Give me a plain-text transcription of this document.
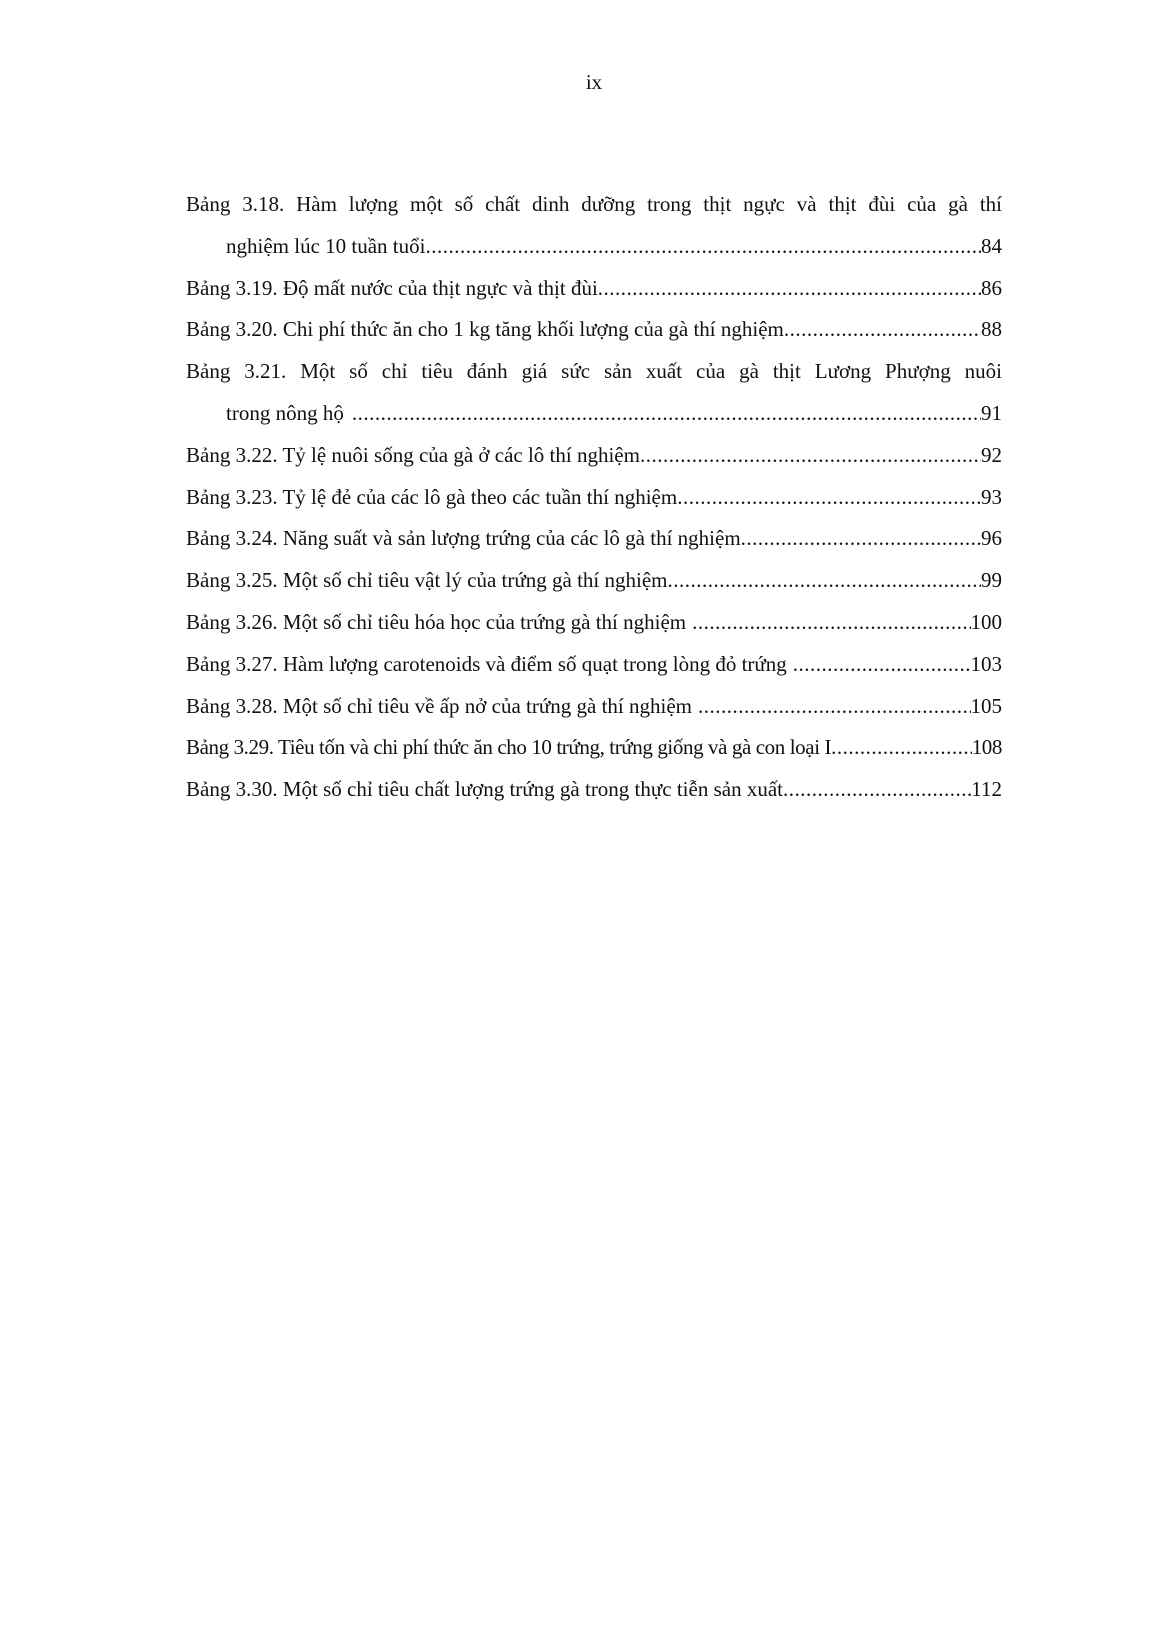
ix
Bảng 3.18. Hàm lượng một số chất dinh dưỡng trong thịt ngực và thịt đùi của gà thí
nghiệm lúc 10 tuần tuổi .....	84
Bảng 3.19. Độ mất nước của thịt ngực và thịt đùi .....	86
Bảng 3.20. Chi phí thức ăn cho 1 kg tăng khối lượng của gà thí nghiệm .....	88
Bảng 3.21. Một số chỉ tiêu đánh giá sức sản xuất của gà thịt Lương Phượng nuôi
trong nông hộ .....	91
Bảng 3.22. Tỷ lệ nuôi sống của gà ở các lô thí nghiệm .....	92
Bảng 3.23. Tỷ lệ đẻ của các lô gà theo các tuần thí nghiệm .....	93
Bảng 3.24. Năng suất và sản lượng trứng của các lô gà thí nghiệm .....	96
Bảng 3.25. Một số chỉ tiêu vật lý của trứng gà thí nghiệm .....	99
Bảng 3.26. Một số chỉ tiêu hóa học của trứng gà thí nghiệm .....	100
Bảng 3.27. Hàm lượng carotenoids và điểm số quạt trong lòng đỏ trứng .....	103
Bảng 3.28. Một số chỉ tiêu về ấp nở của trứng gà thí nghiệm .....	105
Bảng 3.29. Tiêu tốn và chi phí thức ăn cho 10 trứng, trứng giống và gà con loại I .....	108
Bảng 3.30. Một số chỉ tiêu chất lượng trứng gà trong thực tiễn sản xuất .....	112
